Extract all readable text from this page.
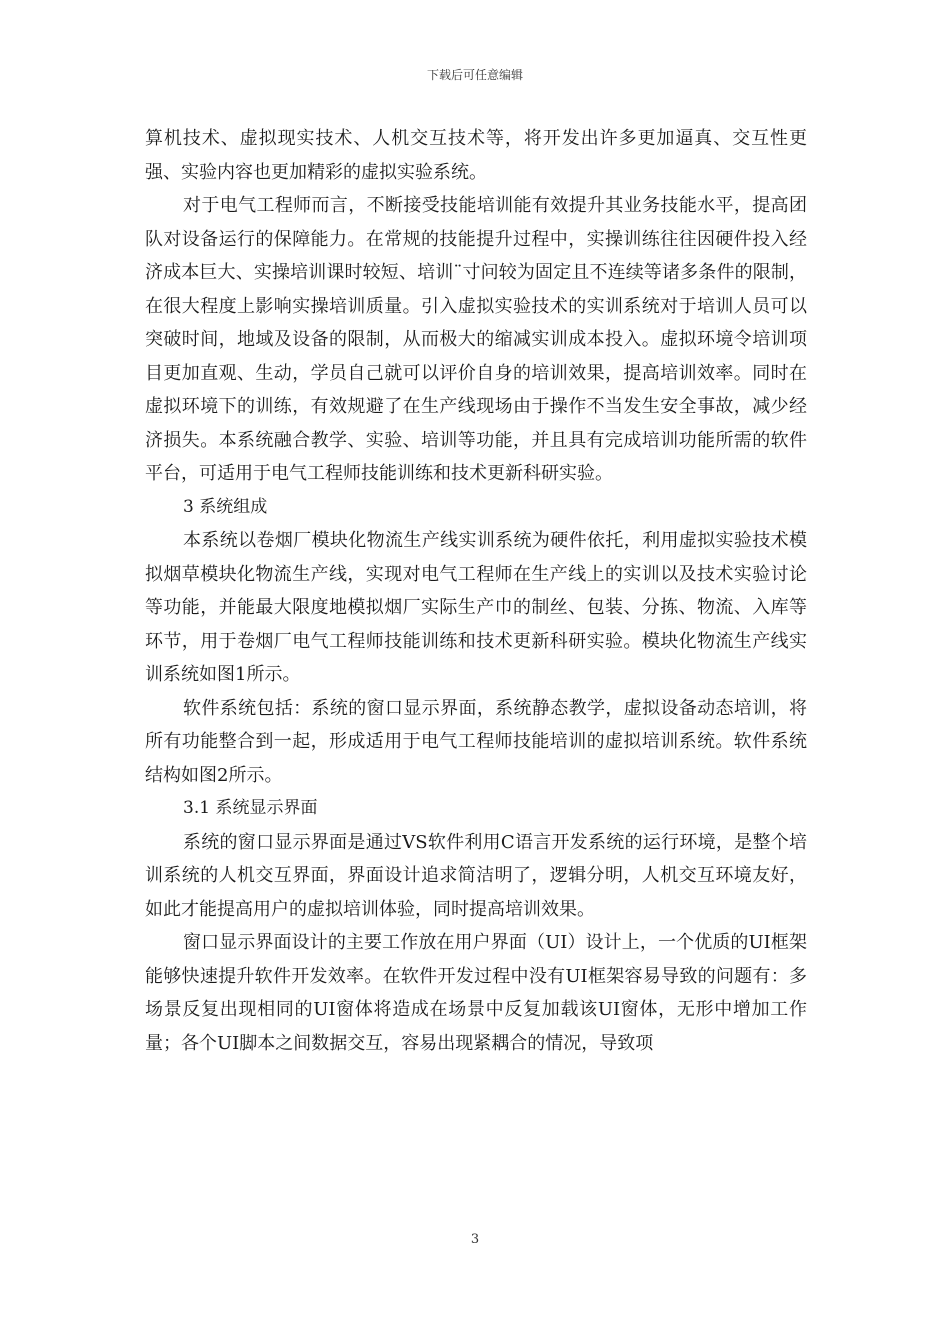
下载后可任意编辑

算机技术、虚拟现实技术、人机交互技术等，将开发出许多更加逼真、交互性更强、实验内容也更加精彩的虚拟实验系统。

对于电气工程师而言，不断接受技能培训能有效提升其业务技能水平，提高团队对设备运行的保障能力。在常规的技能提升过程中，实操训练往往因硬件投入经济成本巨大、实操培训课时较短、培训¨寸问较为固定且不连续等诸多条件的限制，在很大程度上影响实操培训质量。引入虚拟实验技术的实训系统对于培训人员可以突破时间，地域及设备的限制，从而极大的缩减实训成本投入。虚拟环境令培训项目更加直观、生动，学员自己就可以评价自身的培训效果，提高培训效率。同时在虚拟环境下的训练，有效规避了在生产线现场由于操作不当发生安全事故，减少经济损失。本系统融合教学、实验、培训等功能，并且具有完成培训功能所需的软件平台，可适用于电气工程师技能训练和技术更新科研实验。

3 系统组成

本系统以卷烟厂模块化物流生产线实训系统为硬件依托，利用虚拟实验技术模拟烟草模块化物流生产线，实现对电气工程师在生产线上的实训以及技术实验讨论等功能，并能最大限度地模拟烟厂实际生产巾的制丝、包装、分拣、物流、入库等环节，用于卷烟厂电气工程师技能训练和技术更新科研实验。模块化物流生产线实训系统如图1所示。

软件系统包括：系统的窗口显示界面，系统静态教学，虚拟设备动态培训，将所有功能整合到一起，形成适用于电气工程师技能培训的虚拟培训系统。软件系统结构如图2所示。

3.1 系统显示界面

系统的窗口显示界面是通过VS软件利用C语言开发系统的运行环境，是整个培训系统的人机交互界面，界面设计追求简洁明了，逻辑分明，人机交互环境友好，如此才能提高用户的虚拟培训体验，同时提高培训效果。

窗口显示界面设计的主要工作放在用户界面（UI）设计上，一个优质的UI框架能够快速提升软件开发效率。在软件开发过程中没有UI框架容易导致的问题有：多场景反复出现相同的UI窗体将造成在场景中反复加载该UI窗体，无形中增加工作量；各个UI脚本之间数据交互，容易出现紧耦合的情况，导致项

3
